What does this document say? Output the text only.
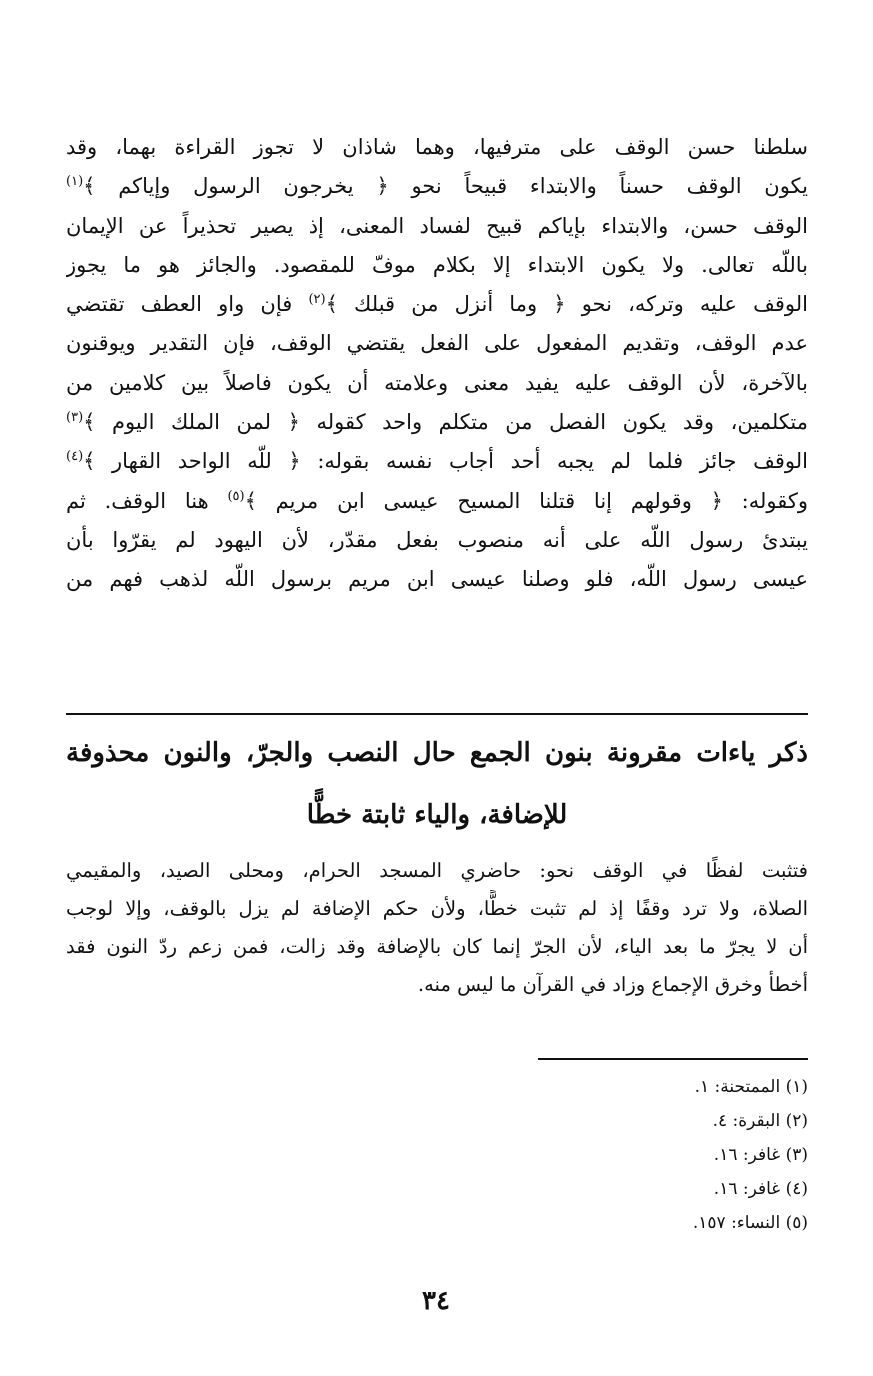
سلطنا حسن الوقف على مترفيها، وهما شاذان لا تجوز القراءة بهما، وقد
يكون الوقف حسناً والابتداء قبيحاً نحو ﴿ يخرجون الرسول وإياكم ﴾$^{(١)}$
الوقف حسن، والابتداء بإياكم قبيح لفساد المعنى، إذ يصير تحذيراً عن الإيمان
باللّه تعالى. ولا يكون الابتداء إلا بكلام موفّ للمقصود. والجائز هو ما يجوز
الوقف عليه وتركه، نحو ﴿ وما أنزل من قبلك ﴾$^{(٢)}$ فإن واو العطف تقتضي
عدم الوقف، وتقديم المفعول على الفعل يقتضي الوقف، فإن التقدير ويوقنون
بالآخرة، لأن الوقف عليه يفيد معنى وعلامته أن يكون فاصلاً بين كلامين من
متكلمين، وقد يكون الفصل من متكلم واحد كقوله ﴿ لمن الملك اليوم ﴾$^{(٣)}$
الوقف جائز فلما لم يجبه أحد أجاب نفسه بقوله: ﴿ للّه الواحد القهار ﴾$^{(٤)}$
وكقوله: ﴿ وقولهم إنا قتلنا المسيح عيسى ابن مريم ﴾$^{(٥)}$ هنا الوقف. ثم
يبتدئ رسول اللّه على أنه منصوب بفعل مقدّر، لأن اليهود لم يقرّوا بأن
عيسى رسول اللّه، فلو وصلنا عيسى ابن مريم برسول اللّه لذهب فهم من
ذكر ياءات مقرونة بنون الجمع حال النصب والجرّ، والنون محذوفة
للإضافة، والياء ثابتة خطًّا
فتثبت لفظًا في الوقف نحو: حاضري المسجد الحرام، ومحلى الصيد، والمقيمي
الصلاة، ولا ترد وقفًا إذ لم تثبت خطًّا، ولأن حكم الإضافة لم يزل بالوقف، وإلا لوجب
أن لا يجرّ ما بعد الياء، لأن الجرّ إنما كان بالإضافة وقد زالت، فمن زعم ردّ النون فقد
أخطأ وخرق الإجماع وزاد في القرآن ما ليس منه.
(١) الممتحنة: ١.
(٢) البقرة: ٤.
(٣) غافر: ١٦.
(٤) غافر: ١٦.
(٥) النساء: ١٥٧.
٣٤
